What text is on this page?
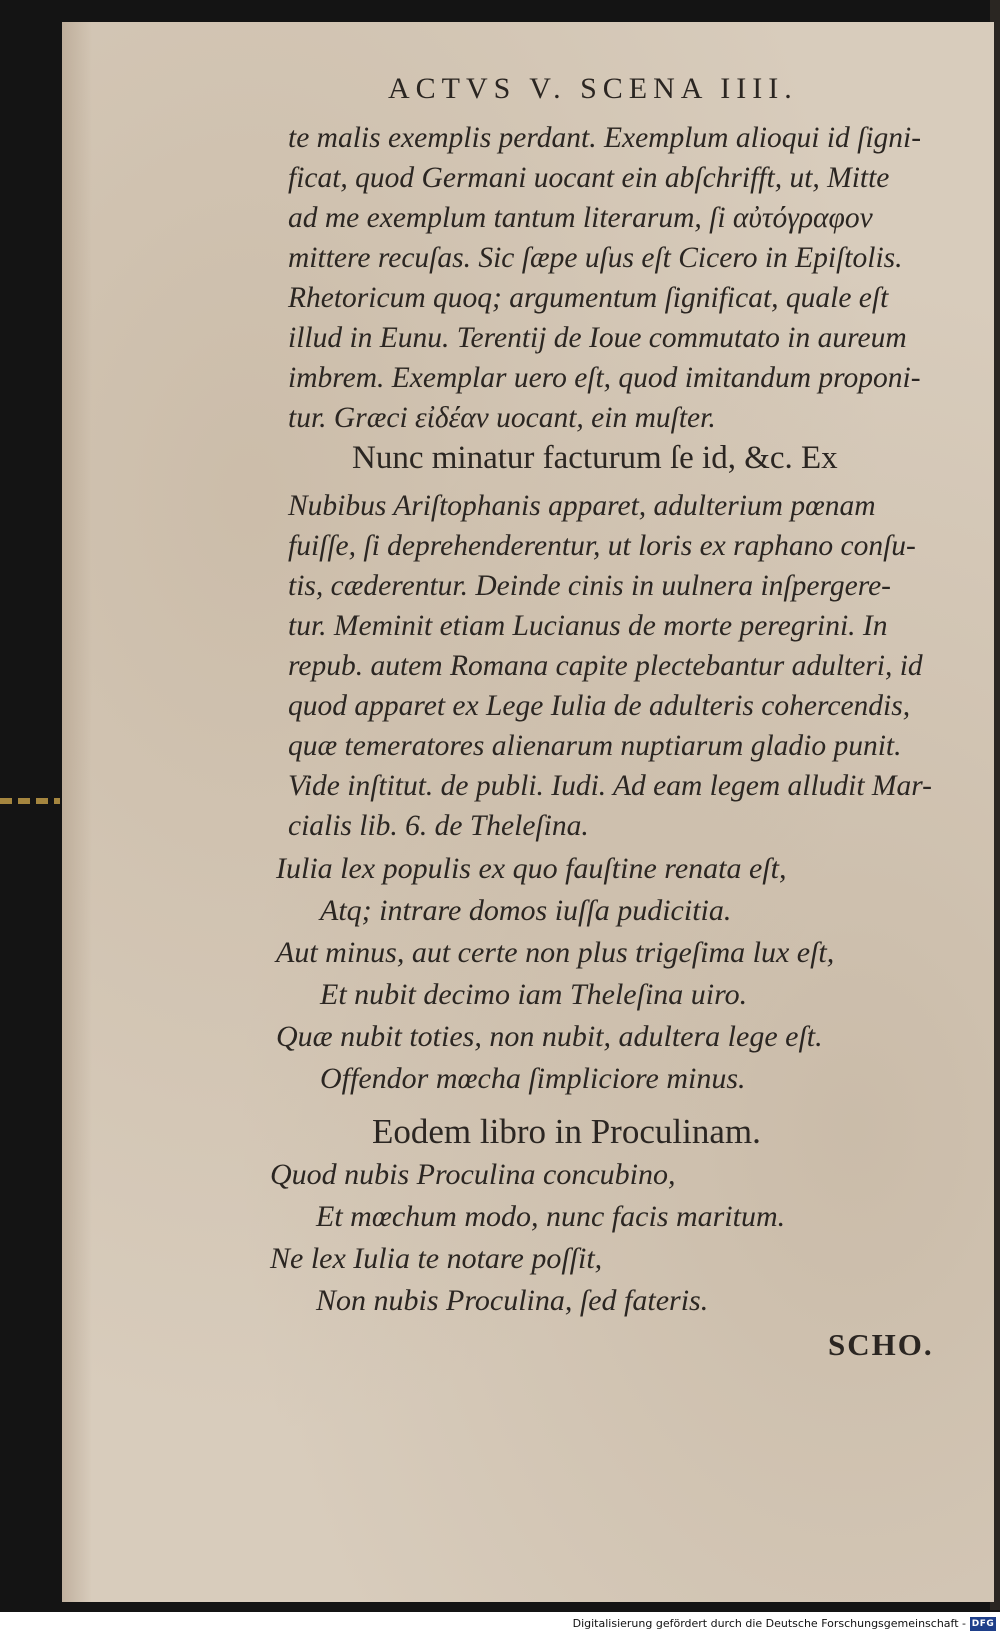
ACTVS V. SCENA IIII.
te malis exemplis perdant. Exemplum alioqui id ſigni-
ficat, quod Germani uocant ein abſchrifft, ut, Mitte
ad me exemplum tantum literarum, ſi αὐτόγραφον
mittere recuſas. Sic ſæpe uſus eſt Cicero in Epiſtolis.
Rhetoricum quoq; argumentum ſignificat, quale eſt
illud in Eunu. Terentij de Ioue commutato in aureum
imbrem. Exemplar uero eſt, quod imitandum proponi-
tur. Græci εἰδέαν uocant, ein muſter.
Nunc minatur facturum ſe id, &c. Ex
Nubibus Ariſtophanis apparet, adulterium pœnam
fuiſſe, ſi deprehenderentur, ut loris ex raphano conſu-
tis, cæderentur. Deinde cinis in uulnera inſpergere-
tur. Meminit etiam Lucianus de morte peregrini. In
repub. autem Romana capite plectebantur adulteri, id
quod apparet ex Lege Iulia de adulteris cohercendis,
quæ temeratores alienarum nuptiarum gladio punit.
Vide inſtitut. de publi. Iudi. Ad eam legem alludit Mar-
cialis lib. 6. de Theleſina.
Iulia lex populis ex quo fauſtine renata eſt,
Atq; intrare domos iuſſa pudicitia.
Aut minus, aut certe non plus trigeſima lux eſt,
Et nubit decimo iam Theleſina uiro.
Quæ nubit toties, non nubit, adultera lege eſt.
Offendor mœcha ſimpliciore minus.
Eodem libro in Proculinam.
Quod nubis Proculina concubino,
Et mœchum modo, nunc facis maritum.
Ne lex Iulia te notare poſſit,
Non nubis Proculina, ſed fateris.
SCHO.
Digitalisierung gefördert durch die Deutsche Forschungsgemeinschaft - DFG
